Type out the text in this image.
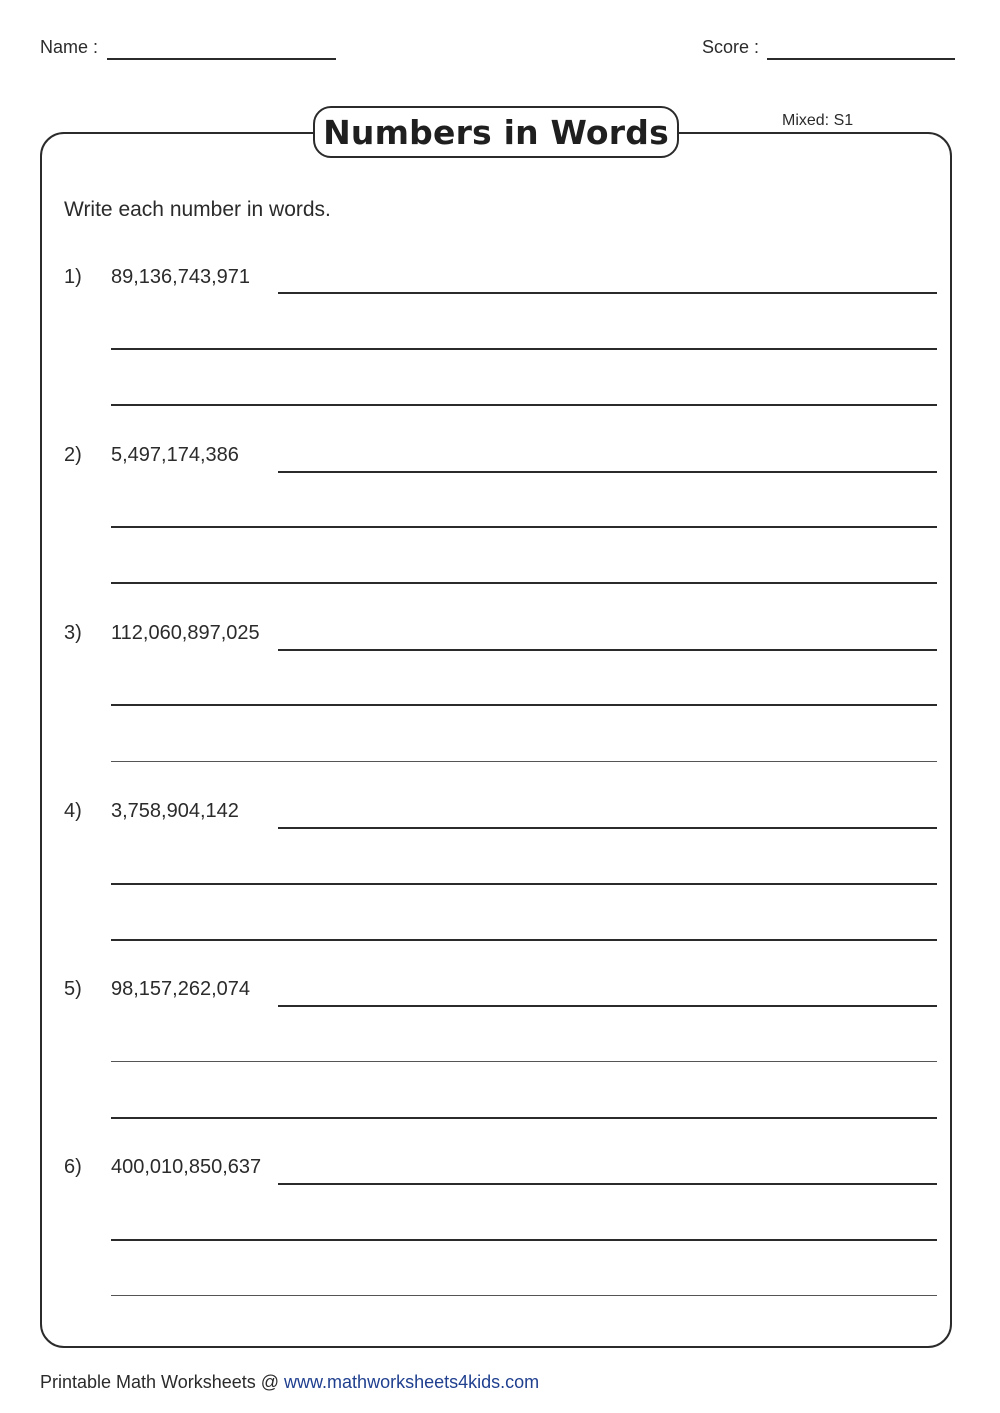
Name :	Score :
Numbers in Words	Mixed: S1
Write each number in words.
1) 89,136,743,971
2) 5,497,174,386
3) 112,060,897,025
4) 3,758,904,142
5) 98,157,262,074
6) 400,010,850,637
Printable Math Worksheets @ www.mathworksheets4kids.com
